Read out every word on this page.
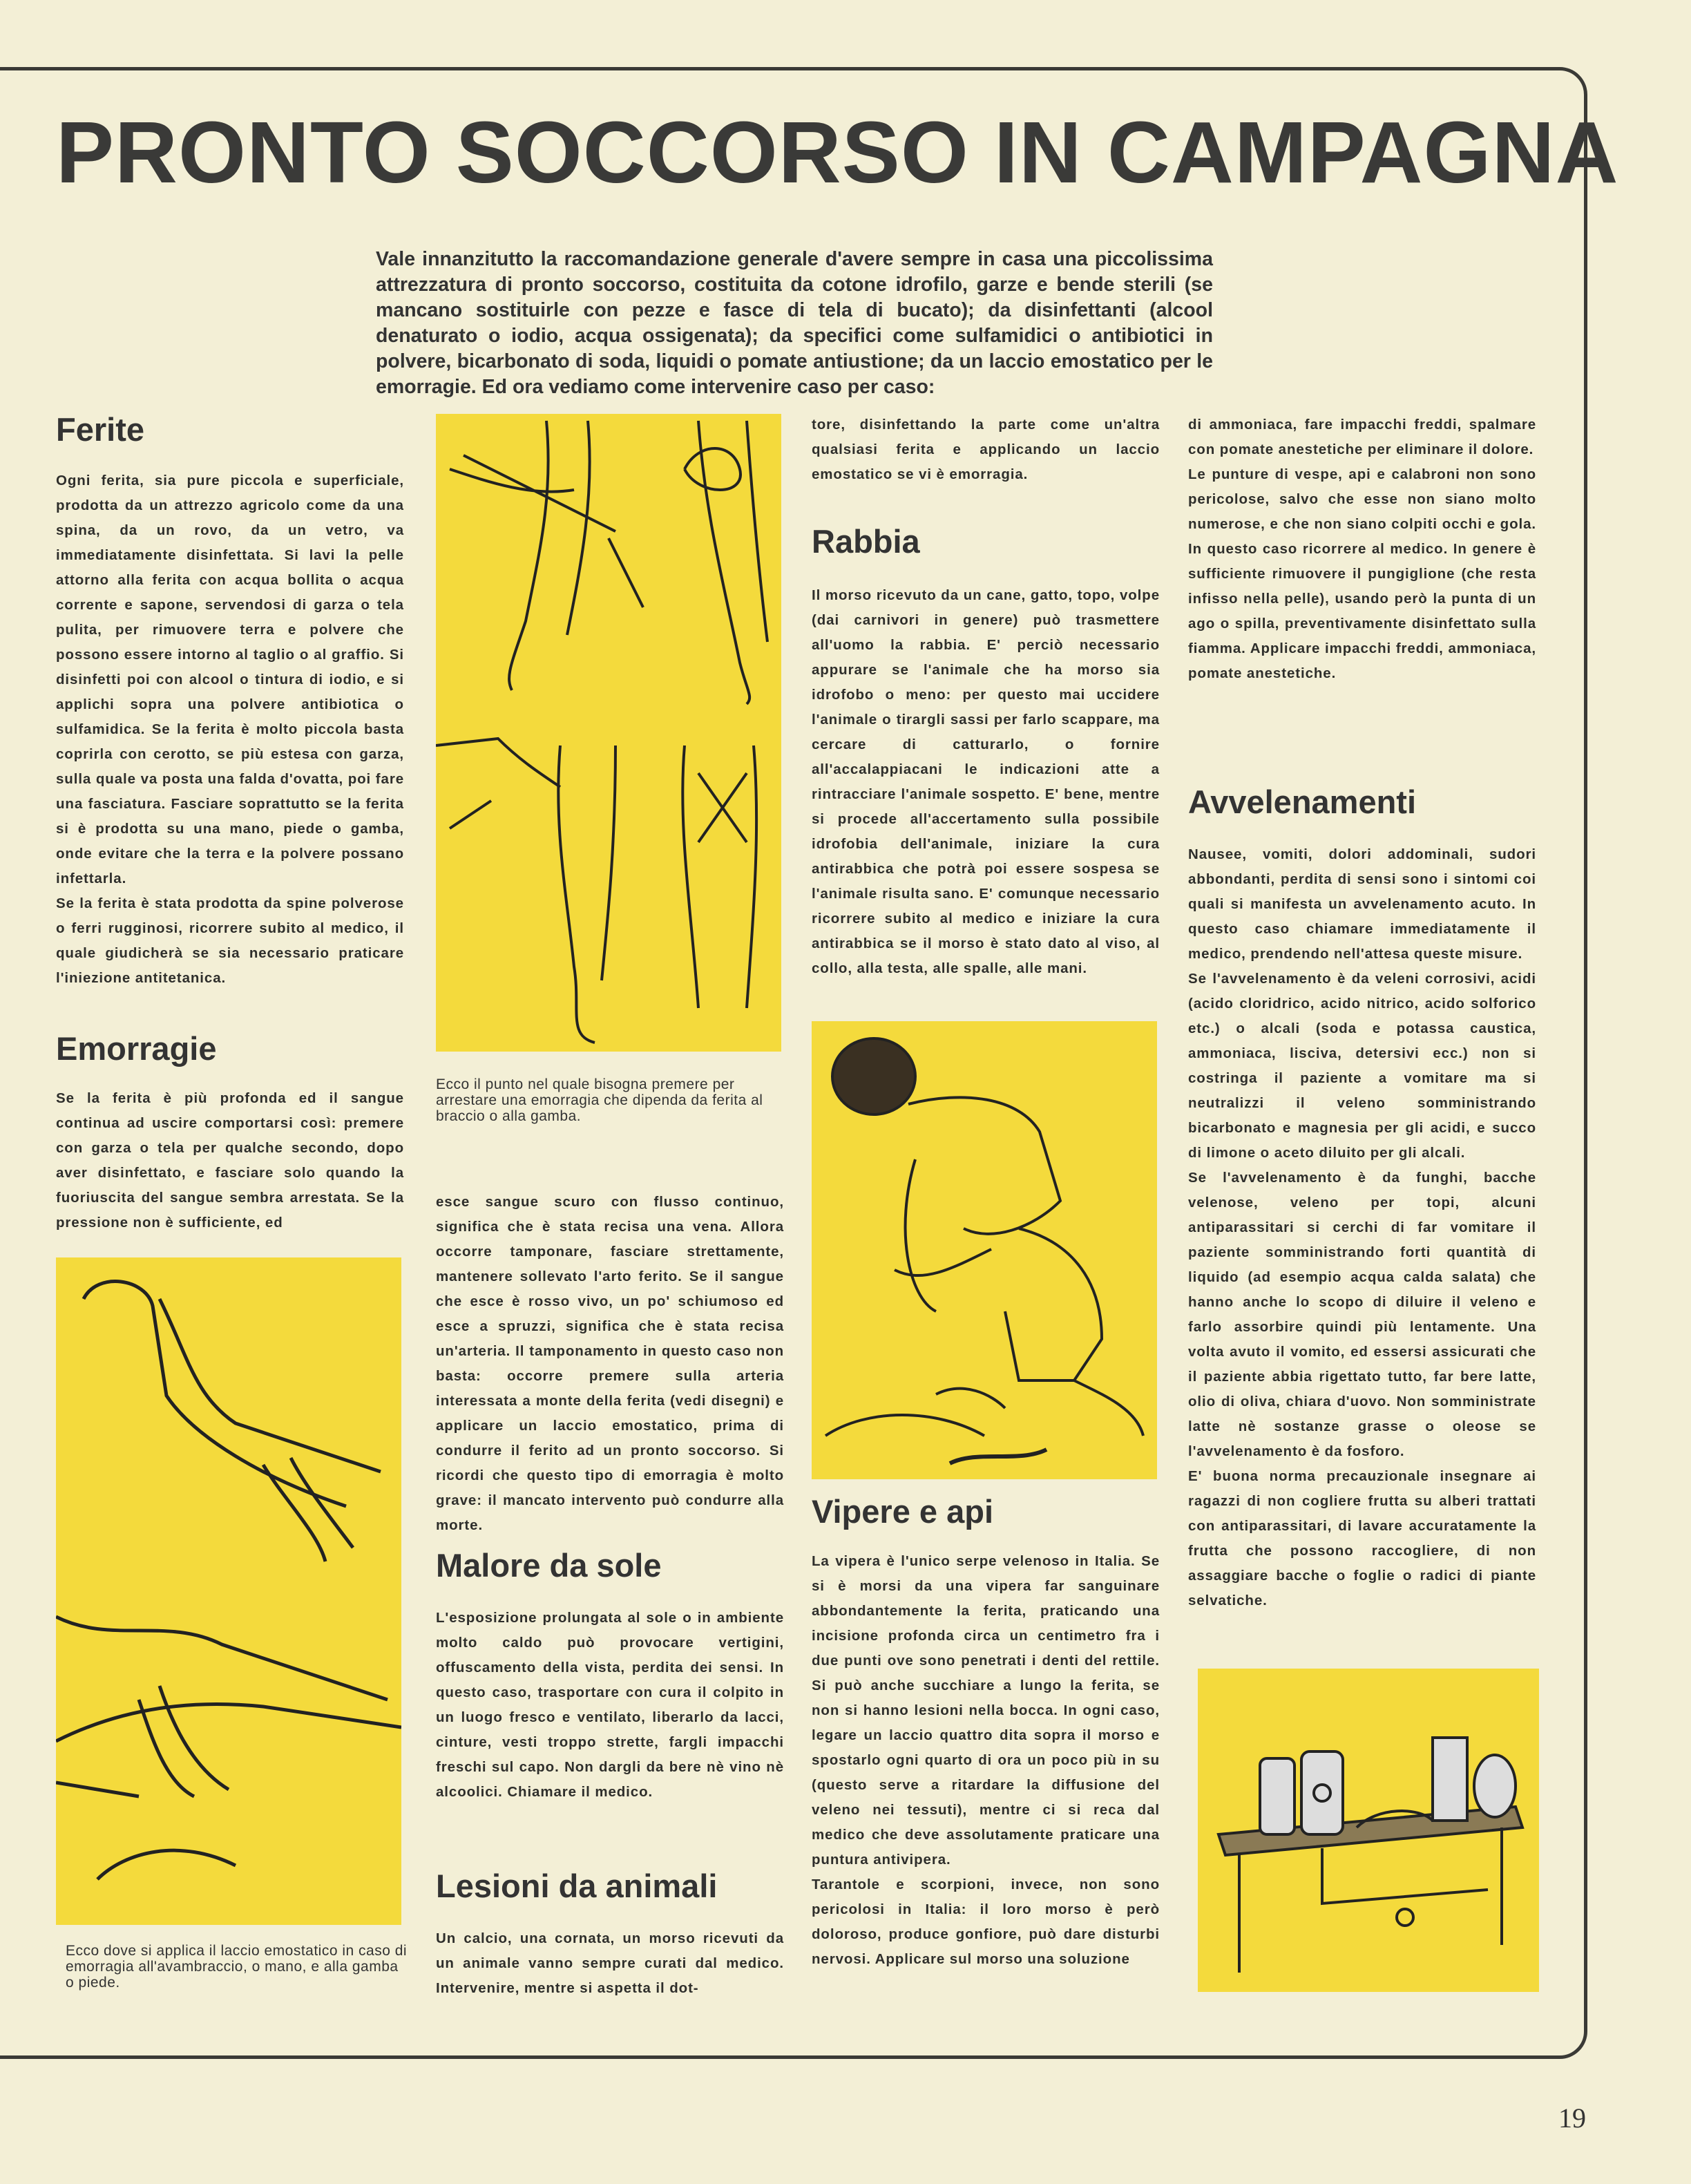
PRONTO SOCCORSO IN CAMPAGNA

Vale innanzitutto la raccomandazione generale d'avere sempre in casa una piccolissima attrezzatura di pronto soccorso, costituita da cotone idrofilo, garze e bende sterili (se mancano sostituirle con pezze e fasce di tela di bucato); da disinfettanti (alcool denaturato o iodio, acqua ossigenata); da specifici come sulfamidici o antibiotici in polvere, bicarbonato di soda, liquidi o pomate antiustione; da un laccio emostatico per le emorragie. Ed ora vediamo come intervenire caso per caso:

Ferite

Ogni ferita, sia pure piccola e superficiale, prodotta da un attrezzo agricolo come da una spina, da un rovo, da un vetro, va immediatamente disinfettata. Si lavi la pelle attorno alla ferita con acqua bollita o acqua corrente e sapone, servendosi di garza o tela pulita, per rimuovere terra e polvere che possono essere intorno al taglio o al graffio. Si disinfetti poi con alcool o tintura di iodio, e si applichi sopra una polvere antibiotica o sulfamidica. Se la ferita è molto piccola basta coprirla con cerotto, se più estesa con garza, sulla quale va posta una falda d'ovatta, poi fare una fasciatura. Fasciare soprattutto se la ferita si è prodotta su una mano, piede o gamba, onde evitare che la terra e la polvere possano infettarla.

Se la ferita è stata prodotta da spine polverose o ferri rugginosi, ricorrere subito al medico, il quale giudicherà se sia necessario praticare l'iniezione antitetanica.

Emorragie

Se la ferita è più profonda ed il sangue continua ad uscire comportarsi così: premere con garza o tela per qualche secondo, dopo aver disinfettato, e fasciare solo quando la fuoriuscita del sangue sembra arrestata. Se la pressione non è sufficiente, ed

Ecco dove si applica il laccio emostatico in caso di emorragia all'avambraccio, o mano, e alla gamba o piede.

Ecco il punto nel quale bisogna premere per arrestare una emorragia che dipenda da ferita al braccio o alla gamba.

esce sangue scuro con flusso continuo, significa che è stata recisa una vena. Allora occorre tamponare, fasciare strettamente, mantenere sollevato l'arto ferito. Se il sangue che esce è rosso vivo, un po' schiumoso ed esce a spruzzi, significa che è stata recisa un'arteria. Il tamponamento in questo caso non basta: occorre premere sulla arteria interessata a monte della ferita (vedi disegni) e applicare un laccio emostatico, prima di condurre il ferito ad un pronto soccorso. Si ricordi che questo tipo di emorragia è molto grave: il mancato intervento può condurre alla morte.

Malore da sole

L'esposizione prolungata al sole o in ambiente molto caldo può provocare vertigini, offuscamento della vista, perdita dei sensi. In questo caso, trasportare con cura il colpito in un luogo fresco e ventilato, liberarlo da lacci, cinture, vesti troppo strette, fargli impacchi freschi sul capo. Non dargli da bere nè vino nè alcoolici. Chiamare il medico.

Lesioni da animali

Un calcio, una cornata, un morso ricevuti da un animale vanno sempre curati dal medico. Intervenire, mentre si aspetta il dot-

tore, disinfettando la parte come un'altra qualsiasi ferita e applicando un laccio emostatico se vi è emorragia.

Rabbia

Il morso ricevuto da un cane, gatto, topo, volpe (dai carnivori in genere) può trasmettere all'uomo la rabbia. E' perciò necessario appurare se l'animale che ha morso sia idrofobo o meno: per questo mai uccidere l'animale o tirargli sassi per farlo scappare, ma cercare di catturarlo, o fornire all'accalappiacani le indicazioni atte a rintracciare l'animale sospetto. E' bene, mentre si procede all'accertamento sulla possibile idrofobia dell'animale, iniziare la cura antirabbica che potrà poi essere sospesa se l'animale risulta sano. E' comunque necessario ricorrere subito al medico e iniziare la cura antirabbica se il morso è stato dato al viso, al collo, alla testa, alle spalle, alle mani.

Vipere e api

La vipera è l'unico serpe velenoso in Italia. Se si è morsi da una vipera far sanguinare abbondantemente la ferita, praticando una incisione profonda circa un centimetro fra i due punti ove sono penetrati i denti del rettile. Si può anche succhiare a lungo la ferita, se non si hanno lesioni nella bocca. In ogni caso, legare un laccio quattro dita sopra il morso e spostarlo ogni quarto di ora un poco più in su (questo serve a ritardare la diffusione del veleno nei tessuti), mentre ci si reca dal medico che deve assolutamente praticare una puntura antivipera.

Tarantole e scorpioni, invece, non sono pericolosi in Italia: il loro morso è però doloroso, produce gonfiore, può dare disturbi nervosi. Applicare sul morso una soluzione

di ammoniaca, fare impacchi freddi, spalmare con pomate anestetiche per eliminare il dolore.

Le punture di vespe, api e calabroni non sono pericolose, salvo che esse non siano molto numerose, e che non siano colpiti occhi e gola. In questo caso ricorrere al medico. In genere è sufficiente rimuovere il pungiglione (che resta infisso nella pelle), usando però la punta di un ago o spilla, preventivamente disinfettato sulla fiamma. Applicare impacchi freddi, ammoniaca, pomate anestetiche.

Avvelenamenti

Nausee, vomiti, dolori addominali, sudori abbondanti, perdita di sensi sono i sintomi coi quali si manifesta un avvelenamento acuto. In questo caso chiamare immediatamente il medico, prendendo nell'attesa queste misure.

Se l'avvelenamento è da veleni corrosivi, acidi (acido cloridrico, acido nitrico, acido solforico etc.) o alcali (soda e potassa caustica, ammoniaca, lisciva, detersivi ecc.) non si costringa il paziente a vomitare ma si neutralizzi il veleno somministrando bicarbonato e magnesia per gli acidi, e succo di limone o aceto diluito per gli alcali.

Se l'avvelenamento è da funghi, bacche velenose, veleno per topi, alcuni antiparassitari si cerchi di far vomitare il paziente somministrando forti quantità di liquido (ad esempio acqua calda salata) che hanno anche lo scopo di diluire il veleno e farlo assorbire quindi più lentamente. Una volta avuto il vomito, ed essersi assicurati che il paziente abbia rigettato tutto, far bere latte, olio di oliva, chiara d'uovo. Non somministrate latte nè sostanze grasse o oleose se l'avvelenamento è da fosforo.

E' buona norma precauzionale insegnare ai ragazzi di non cogliere frutta su alberi trattati con antiparassitari, di lavare accuratamente la frutta che possono raccogliere, di non assaggiare bacche o foglie o radici di piante selvatiche.

19
